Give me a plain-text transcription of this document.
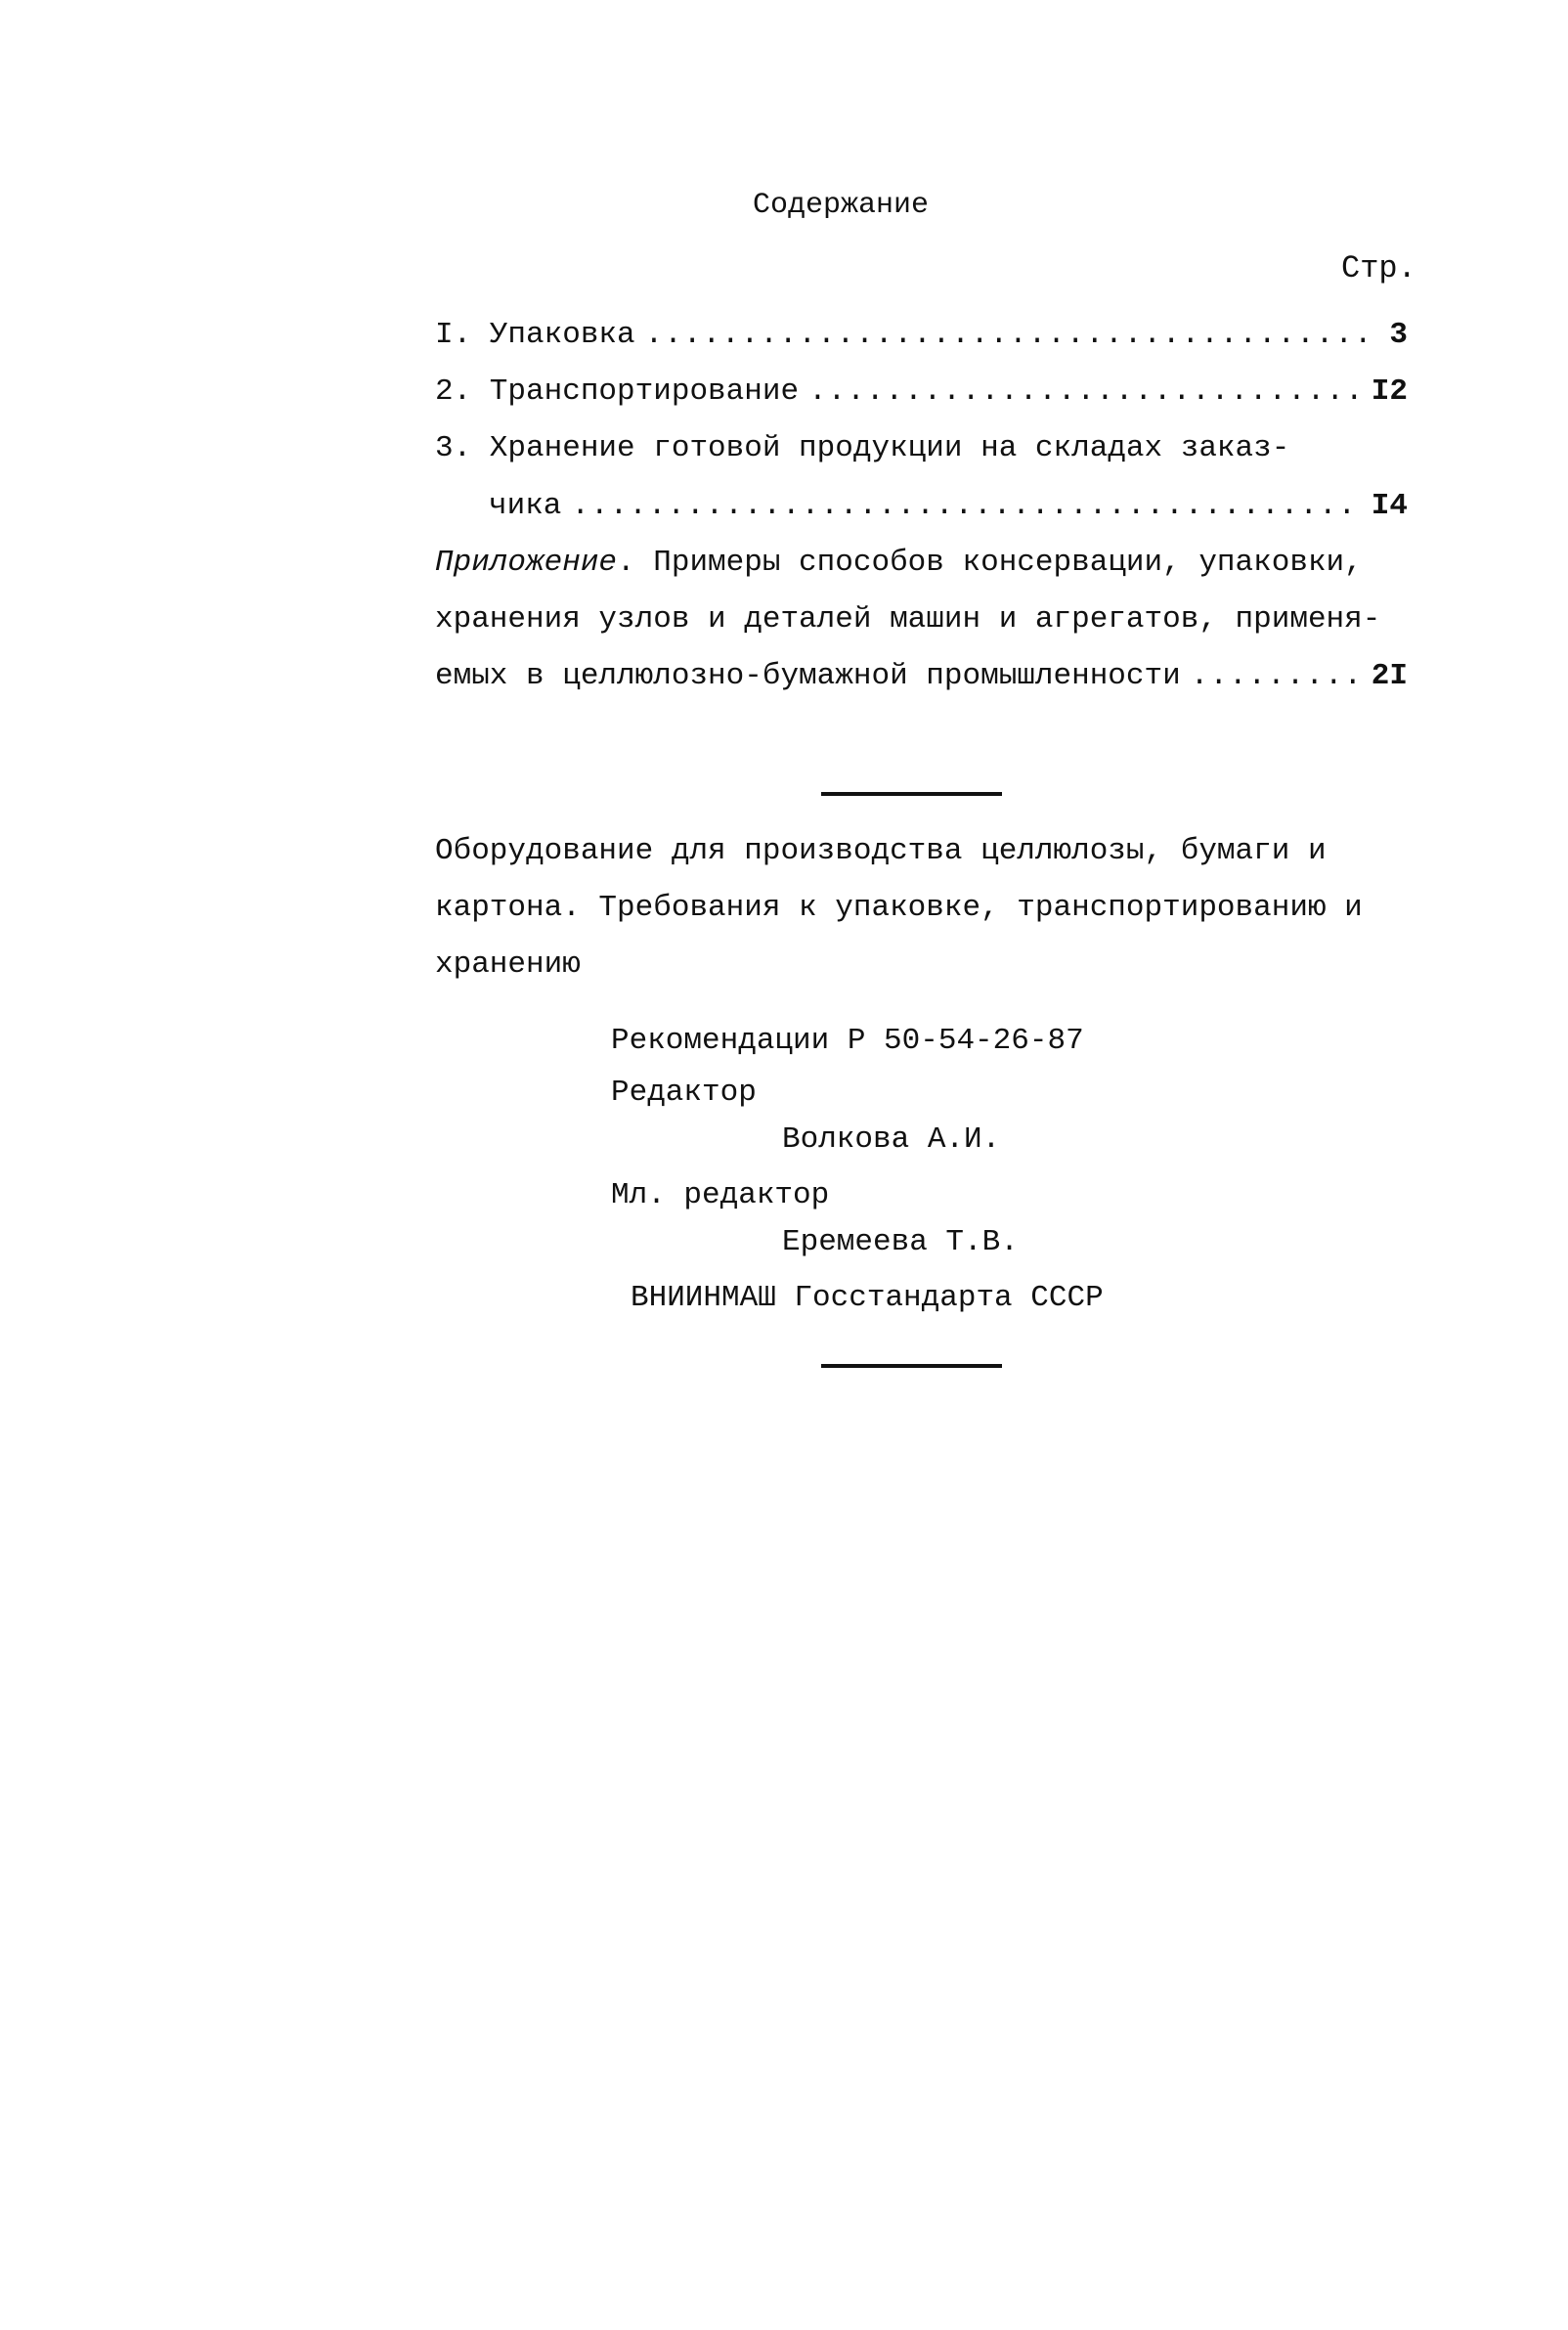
Содержание
Стр.
I. Упаковка .....	3
2. Транспортирование .....	I2
3. Хранение готовой продукции на складах заказ-
чика .....	I4
Приложение. Примеры способов консервации, упаковки,
хранения узлов и деталей машин и агрегатов, применя-
емых в целлюлозно-бумажной промышленности .....	2I
Оборудование для производства целлюлозы, бумаги и
картона. Требования к упаковке, транспортированию и
хранению
Рекомендации Р 50-54-26-87
Редактор
Волкова А.И.
Мл. редактор
Еремеева Т.В.
ВНИИНМАШ Госстандарта СССР
